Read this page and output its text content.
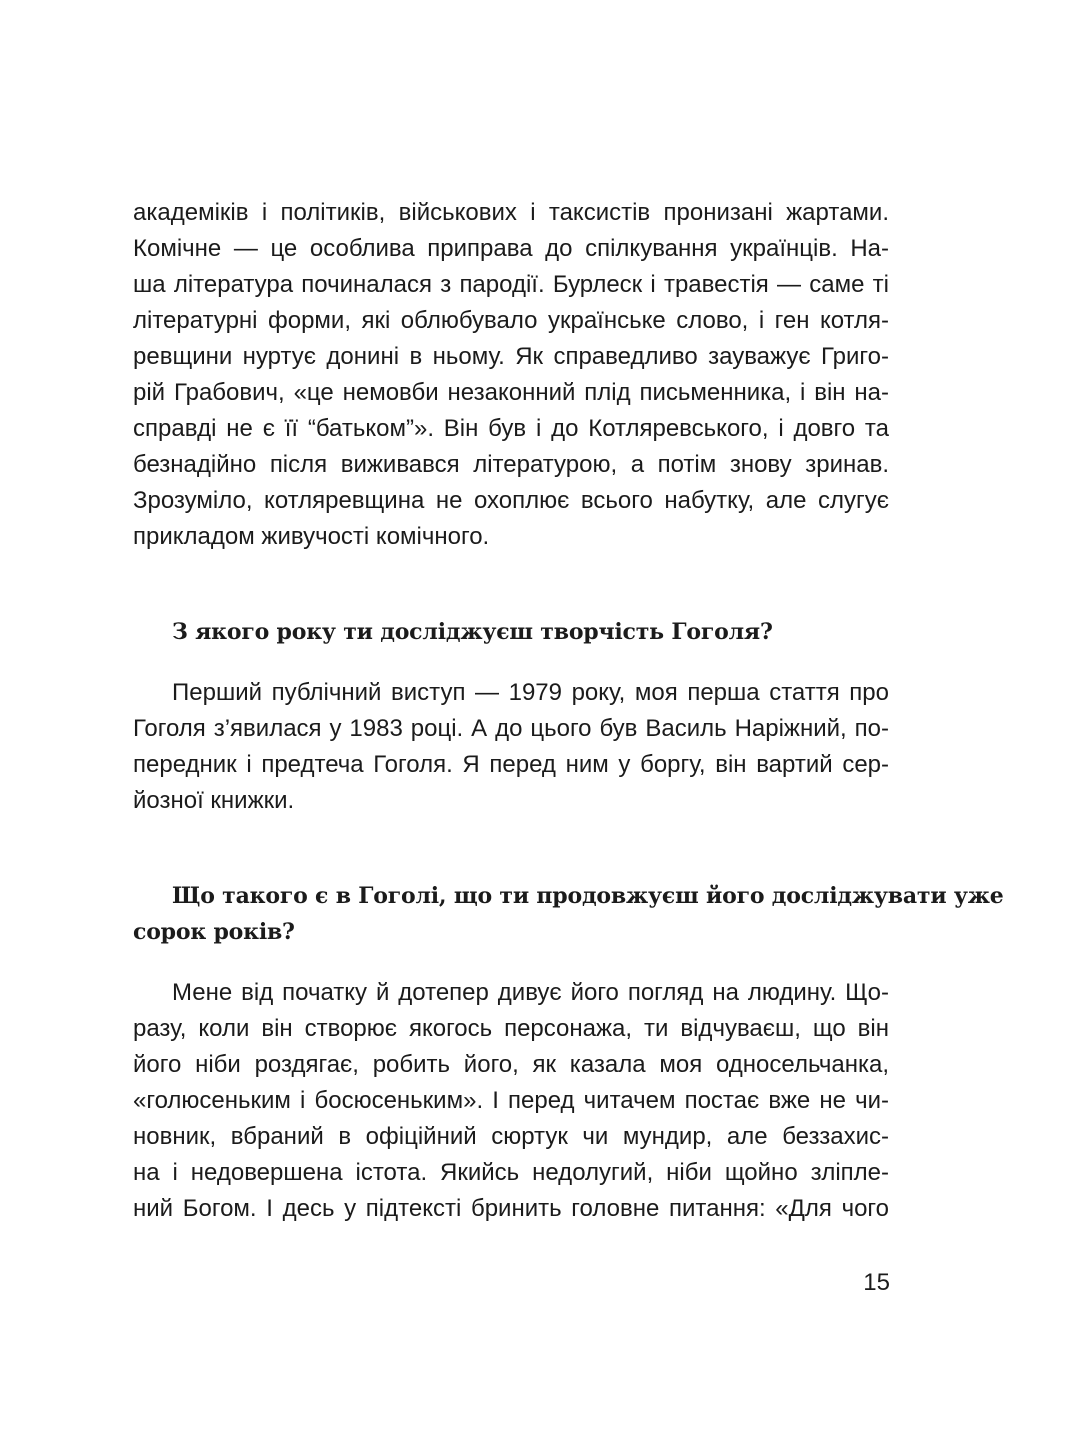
академіків і політиків, військових і таксистів пронизані жартами.
Комічне — це особлива приправа до спілкування українців. На-
ша література починалася з пародії. Бурлеск і травестія — саме ті
літературні форми, які облюбувало українське слово, і ген котля-
ревщини нуртує донині в ньому. Як справедливо зауважує Григо-
рій Грабович, «це немовби незаконний плід письменника, і він на-
справді не є її “батьком”». Він був і до Котляревського, і довго та
безнадійно після виживався літературою, а потім знову зринав.
Зрозуміло, котляревщина не охоплює всього набутку, але слугує
прикладом живучості комічного.
З якого року ти досліджуєш творчість Гоголя?
Перший публічний виступ — 1979 року, моя перша стаття про
Гоголя з’явилася у 1983 році. А до цього був Василь Наріжний, по-
передник і предтеча Гоголя. Я перед ним у боргу, він вартий сер-
йозної книжки.
Що такого є в Гоголі, що ти продовжуєш його досліджувати уже
сорок років?
Мене від початку й дотепер дивує його погляд на людину. Що-
разу, коли він створює якогось персонажа, ти відчуваєш, що він
його ніби роздягає, робить його, як казала моя односельчанка,
«голюсеньким і босюсеньким». І перед читачем постає вже не чи-
новник, вбраний в офіційний сюртук чи мундир, але беззахис-
на і недовершена істота. Якийсь недолугий, ніби щойно зліпле-
ний Богом. І десь у підтексті бринить головне питання: «Для чого
15
